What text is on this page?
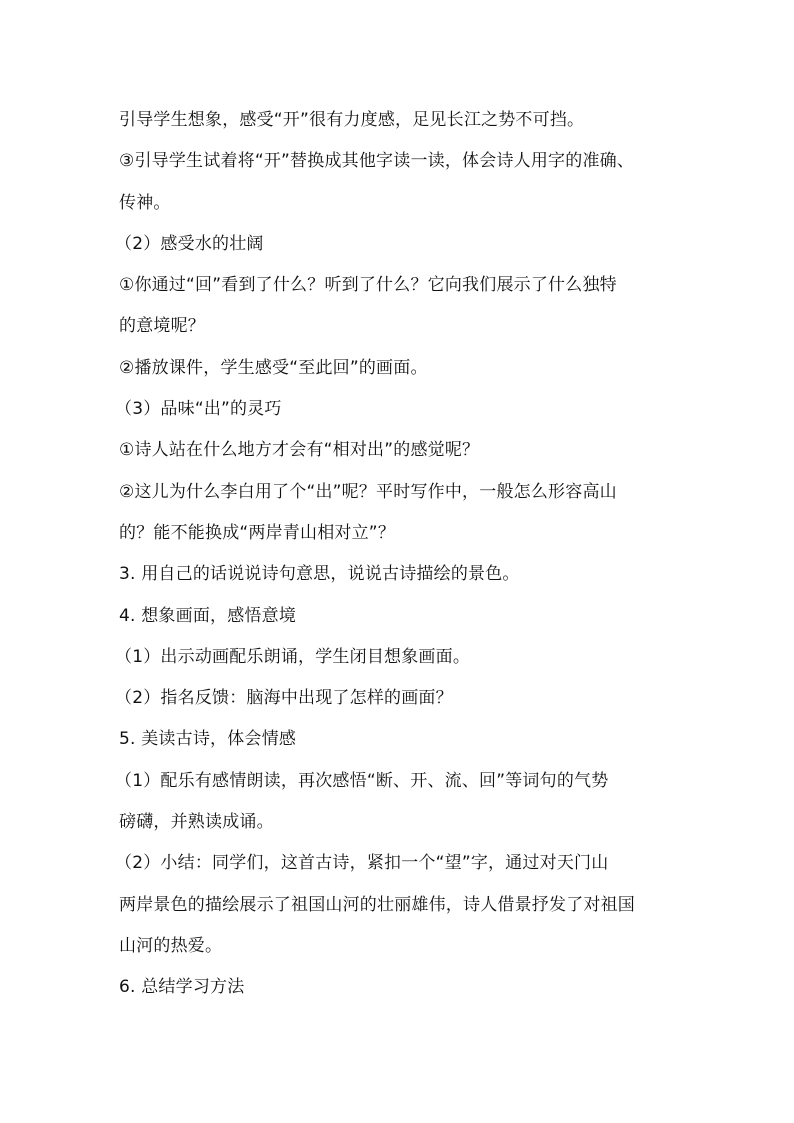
引导学生想象，感受“开”很有力度感，足见长江之势不可挡。
③引导学生试着将“开”替换成其他字读一读，体会诗人用字的准确、
传神。
（2）感受水的壮阔
①你通过“回”看到了什么？听到了什么？它向我们展示了什么独特
的意境呢？
②播放课件，学生感受“至此回”的画面。
（3）品味“出”的灵巧
①诗人站在什么地方才会有“相对出”的感觉呢？
②这儿为什么李白用了个“出”呢？平时写作中，一般怎么形容高山
的？能不能换成“两岸青山相对立”？
3. 用自己的话说说诗句意思，说说古诗描绘的景色。
4. 想象画面，感悟意境
（1）出示动画配乐朗诵，学生闭目想象画面。
（2）指名反馈：脑海中出现了怎样的画面？
5. 美读古诗，体会情感
（1）配乐有感情朗读，再次感悟“断、开、流、回”等词句的气势
磅礴，并熟读成诵。
（2）小结：同学们，这首古诗，紧扣一个“望”字，通过对天门山
两岸景色的描绘展示了祖国山河的壮丽雄伟，诗人借景抒发了对祖国
山河的热爱。
6. 总结学习方法
